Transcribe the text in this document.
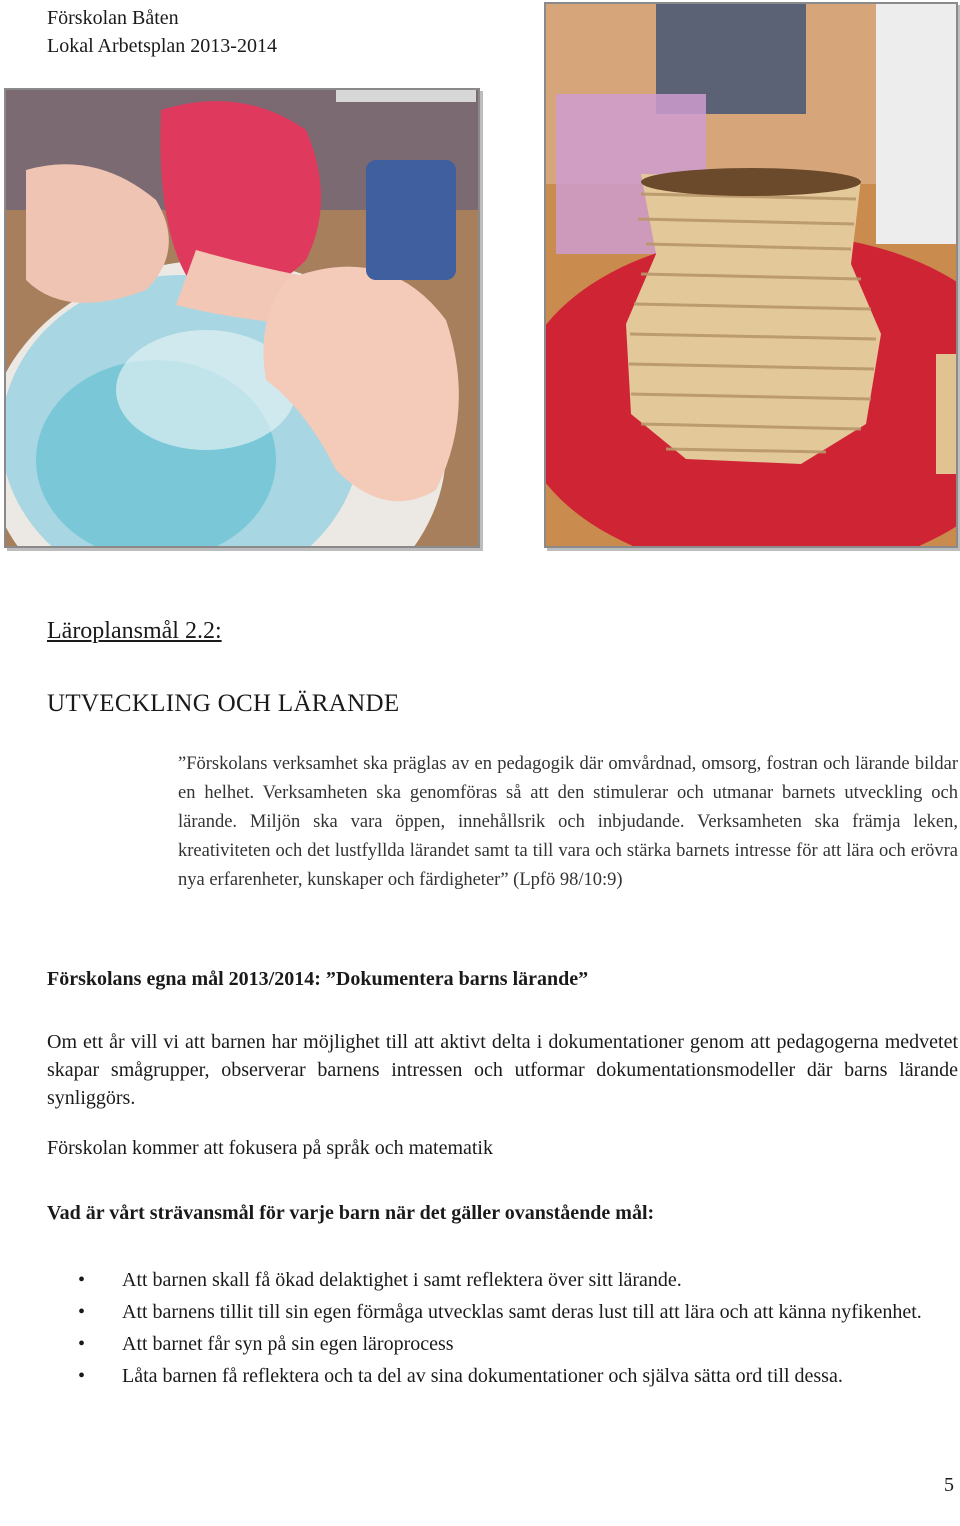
Förskolan Båten
Lokal Arbetsplan 2013-2014
Läroplansmål 2.2:
UTVECKLING OCH LÄRANDE

”Förskolans verksamhet ska präglas av en pedagogik där omvårdnad, omsorg, fostran och lärande bildar en helhet. Verksamheten ska genomföras så att den stimulerar och utmanar barnets utveckling och lärande. Miljön ska vara öppen, innehållsrik och inbjudande. Verksamheten ska främja leken, kreativiteten och det lustfyllda lärandet samt ta till vara och stärka barnets intresse för att lära och erövra nya erfarenheter, kunskaper och färdigheter” (Lpfö 98/10:9)

Förskolans egna mål 2013/2014: ”Dokumentera barns lärande”
Om ett år vill vi att barnen har möjlighet till att aktivt delta i dokumentationer genom att pedagogerna medvetet skapar smågrupper, observerar barnens intressen och utformar dokumentationsmodeller där barns lärande synliggörs.
Förskolan kommer att fokusera på språk och matematik
Vad är vårt strävansmål för varje barn när det gäller ovanstående mål:
• Att barnen skall få ökad delaktighet i samt reflektera över sitt lärande.
• Att barnens tillit till sin egen förmåga utvecklas samt deras lust till att lära och att känna nyfikenhet.
• Att barnet får syn på sin egen läroprocess
• Låta barnen få reflektera och ta del av sina dokumentationer och själva sätta ord till dessa.
5
